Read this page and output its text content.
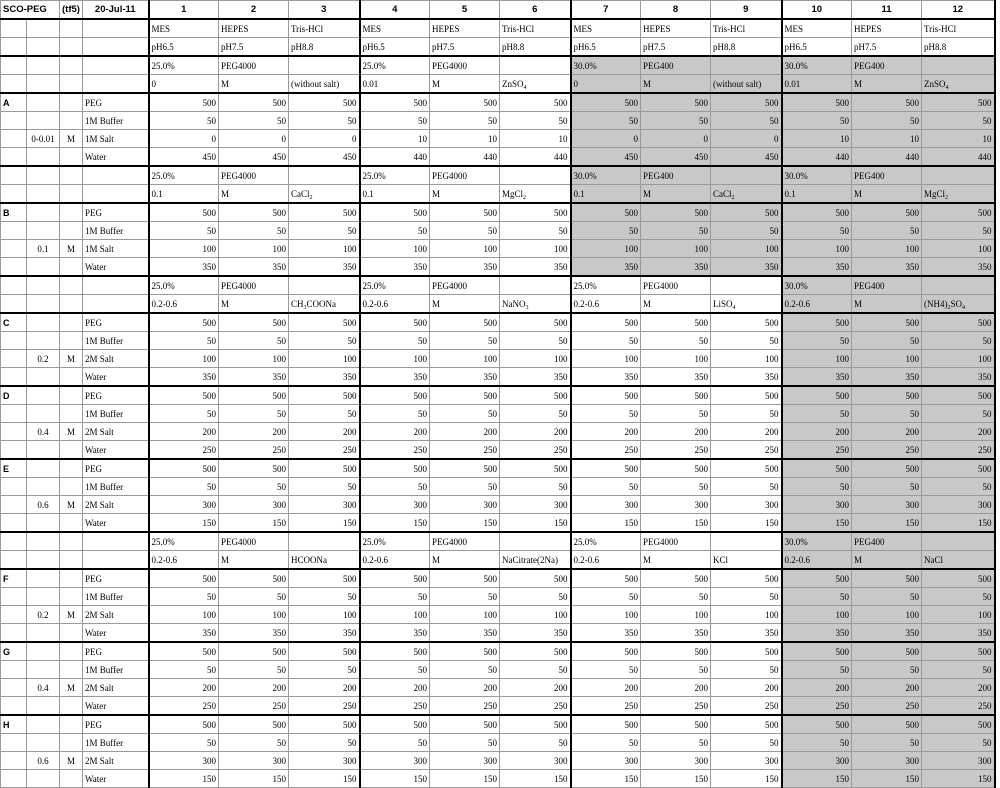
SCO-PEG		(tf5)	20-Jul-11	1	2	3	4	5	6	7	8	9	10	11	12
				MES	HEPES	Tris-HCl	MES	HEPES	Tris-HCl	MES	HEPES	Tris-HCl	MES	HEPES	Tris-HCl
				pH6.5	pH7.5	pH8.8	pH6.5	pH7.5	pH8.8	pH6.5	pH7.5	pH8.8	pH6.5	pH7.5	pH8.8
				25.0%	PEG4000		25.0%	PEG4000		30.0%	PEG400		30.0%	PEG400	
				0	M	(without salt)	0.01	M	ZnSO$_4$	0	M	(without salt)	0.01	M	ZnSO$_4$
A			PEG	500	500	500	500	500	500	500	500	500	500	500	500
			1M Buffer	50	50	50	50	50	50	50	50	50	50	50	50
	0-0.01	M	1M Salt	0	0	0	10	10	10	0	0	0	10	10	10
			Water	450	450	450	440	440	440	450	450	450	440	440	440
				25.0%	PEG4000		25.0%	PEG4000		30.0%	PEG400		30.0%	PEG400	
				0.1	M	CaCl$_2$	0.1	M	MgCl$_2$	0.1	M	CaCl$_2$	0.1	M	MgCl$_2$
B			PEG	500	500	500	500	500	500	500	500	500	500	500	500
			1M Buffer	50	50	50	50	50	50	50	50	50	50	50	50
	0.1	M	1M Salt	100	100	100	100	100	100	100	100	100	100	100	100
			Water	350	350	350	350	350	350	350	350	350	350	350	350
				25.0%	PEG4000		25.0%	PEG4000		25.0%	PEG4000		30.0%	PEG400	
				0.2-0.6	M	$CH_3COONa$	0.2-0.6	M	NaNO$_3$	0.2-0.6	M	LiSO$_4$	0.2-0.6	M	$(NH4)_2SO_4$
C			PEG	500	500	500	500	500	500	500	500	500	500	500	500
			1M Buffer	50	50	50	50	50	50	50	50	50	50	50	50
	0.2	M	2M Salt	100	100	100	100	100	100	100	100	100	100	100	100
			Water	350	350	350	350	350	350	350	350	350	350	350	350
D			PEG	500	500	500	500	500	500	500	500	500	500	500	500
			1M Buffer	50	50	50	50	50	50	50	50	50	50	50	50
	0.4	M	2M Salt	200	200	200	200	200	200	200	200	200	200	200	200
			Water	250	250	250	250	250	250	250	250	250	250	250	250
E			PEG	500	500	500	500	500	500	500	500	500	500	500	500
			1M Buffer	50	50	50	50	50	50	50	50	50	50	50	50
	0.6	M	2M Salt	300	300	300	300	300	300	300	300	300	300	300	300
			Water	150	150	150	150	150	150	150	150	150	150	150	150
				25.0%	PEG4000		25.0%	PEG4000		25.0%	PEG4000		30.0%	PEG400	
				0.2-0.6	M	HCOONa	0.2-0.6	M	NaCitrate(2Na)	0.2-0.6	M	KCl	0.2-0.6	M	NaCl
F			PEG	500	500	500	500	500	500	500	500	500	500	500	500
			1M Buffer	50	50	50	50	50	50	50	50	50	50	50	50
	0.2	M	2M Salt	100	100	100	100	100	100	100	100	100	100	100	100
			Water	350	350	350	350	350	350	350	350	350	350	350	350
G			PEG	500	500	500	500	500	500	500	500	500	500	500	500
			1M Buffer	50	50	50	50	50	50	50	50	50	50	50	50
	0.4	M	2M Salt	200	200	200	200	200	200	200	200	200	200	200	200
			Water	250	250	250	250	250	250	250	250	250	250	250	250
H			PEG	500	500	500	500	500	500	500	500	500	500	500	500
			1M Buffer	50	50	50	50	50	50	50	50	50	50	50	50
	0.6	M	2M Salt	300	300	300	300	300	300	300	300	300	300	300	300
			Water	150	150	150	150	150	150	150	150	150	150	150	150
